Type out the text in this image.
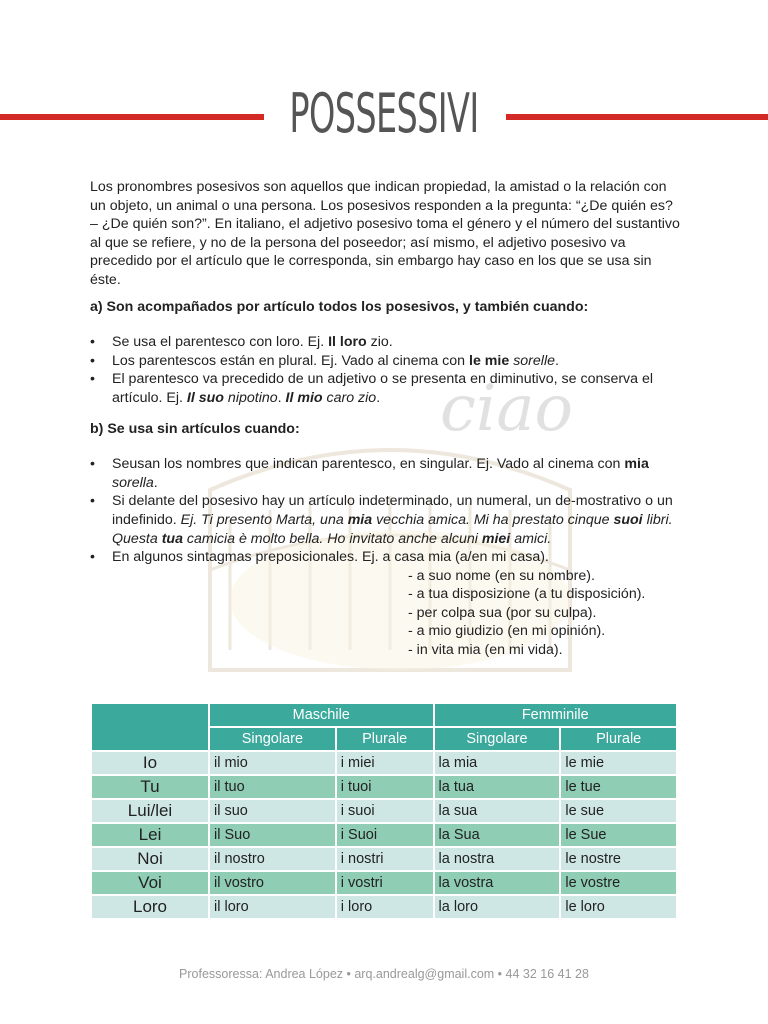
POSSESSIVI
ciao

Los pronombres posesivos son aquellos que indican propiedad, la amistad o la relación con un objeto, un animal o una persona. Los posesivos responden a la pregunta: “¿De quién es? – ¿De quién son?”. En italiano, el adjetivo posesivo toma el género y el número del sustantivo al que se refiere, y no de la persona del poseedor; así mismo, el adjetivo posesivo va precedido por el artículo que le corresponda, sin embargo hay caso en los que se usa sin éste.

a) Son acompañados por artículo todos los posesivos, y también cuando:

• Se usa el parentesco con loro. Ej. Il loro zio.
• Los parentescos están en plural. Ej. Vado al cinema con le mie sorelle.
• El parentesco va precedido de un adjetivo o se presenta en diminutivo, se conserva el artículo. Ej. Il suo nipotino. Il mio caro zio.

b) Se usa sin artículos cuando:

• Seusan los nombres que indican parentesco, en singular. Ej. Vado al cinema con mia sorella.
• Si delante del posesivo hay un artículo indeterminado, un numeral, un de-mostrativo o un indefinido. Ej. Ti presento Marta, una mia vecchia amica. Mi ha prestato cinque suoi libri. Questa tua camicia è molto bella. Ho invitato anche alcuni miei amici.
• En algunos sintagmas preposicionales. Ej. a casa mia (a/en mi casa).

- a suo nome (en su nombre).

- a tua disposizione (a tu disposición).

- per colpa sua (por su culpa).

- a mio giudizio (en mi opinión).

- in vita mia (en mi vida).

	Maschile		Femminile	
	Singolare	Plurale	Singolare	Plurale
Io	il mio	i miei	la mia	le mie
Tu	il tuo	i tuoi	la tua	le tue
Lui/lei	il suo	i suoi	la sua	le sue
Lei	il Suo	i Suoi	la Sua	le Sue
Noi	il nostro	i nostri	la nostra	le nostre
Voi	il vostro	i vostri	la vostra	le vostre
Loro	il loro	i loro	la loro	le loro
Professoressa: Andrea López • arq.andrealg@gmail.com • 44 32 16 41 28
